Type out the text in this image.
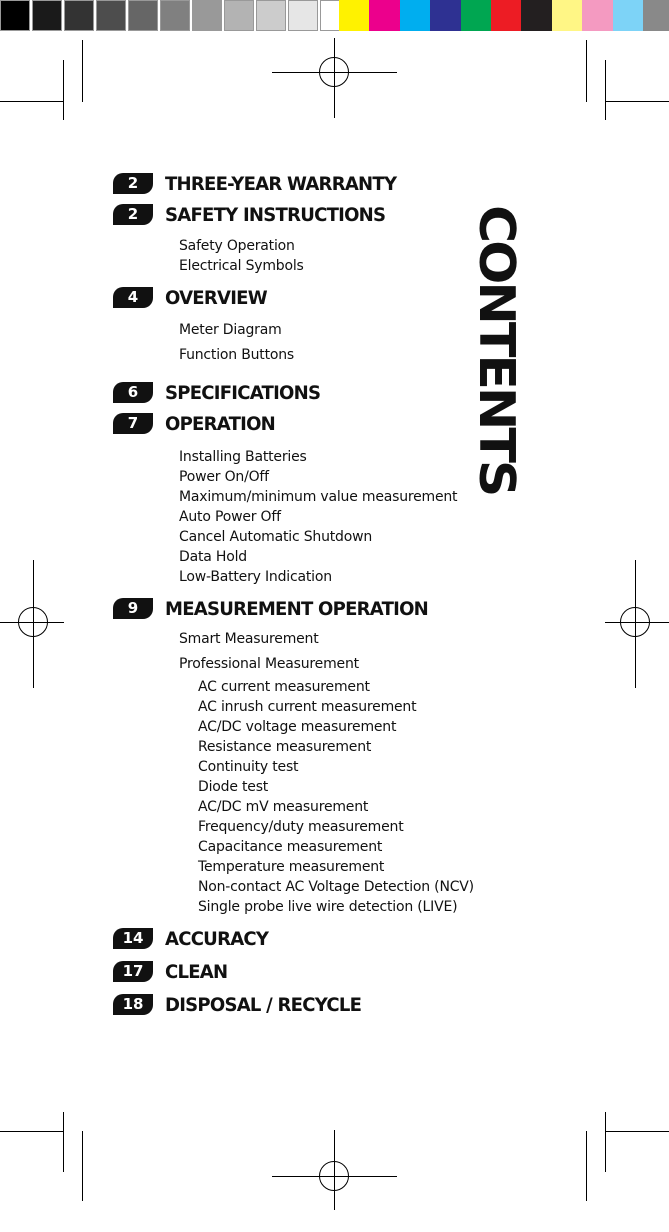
CONTENTS
2	THREE-YEAR WARRANTY
2	SAFETY INSTRUCTIONS
Safety Operation
Electrical Symbols
4	OVERVIEW
Meter Diagram
Function Buttons
6	SPECIFICATIONS
7	OPERATION
Installing Batteries
Power On/Off
Maximum/minimum value measurement
Auto Power Off
Cancel Automatic Shutdown
Data Hold
Low-Battery Indication
9	MEASUREMENT OPERATION
Smart Measurement
Professional Measurement
AC current measurement
AC inrush current measurement
AC/DC voltage measurement
Resistance measurement
Continuity test
Diode test
AC/DC mV measurement
Frequency/duty measurement
Capacitance measurement
Temperature measurement
Non-contact AC Voltage Detection (NCV)
Single probe live wire detection (LIVE)
14	ACCURACY
17	CLEAN
18	DISPOSAL / RECYCLE
